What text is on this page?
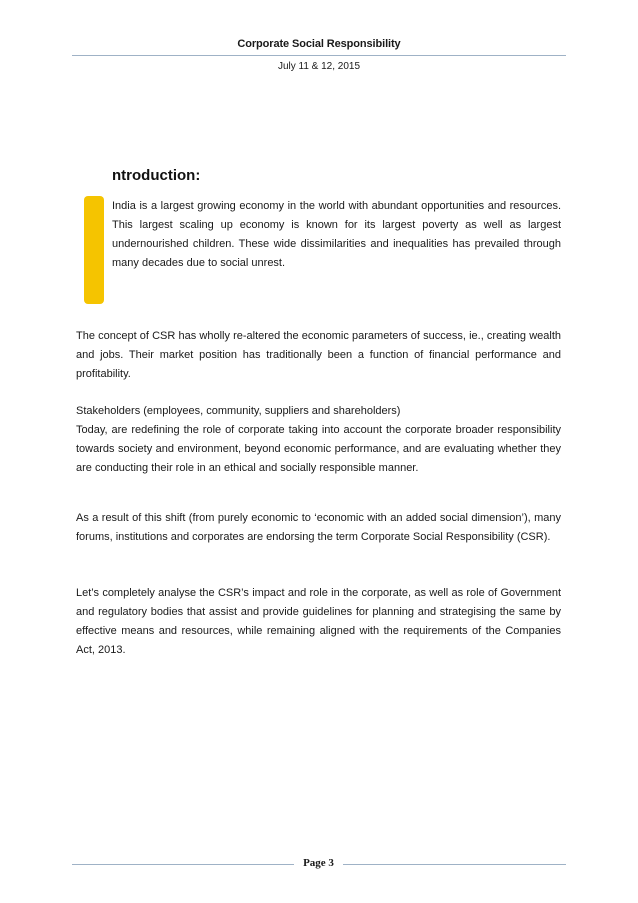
Corporate Social Responsibility
July 11 & 12, 2015
ntroduction:

India is a largest growing economy in the world with abundant opportunities and resources. This largest scaling up economy is known for its largest poverty as well as largest undernourished children. These wide dissimilarities and inequalities has prevailed through many decades due to social unrest.

The concept of CSR has wholly re-altered the economic parameters of success, ie., creating wealth and jobs. Their market position has traditionally been a function of financial performance and profitability.

Stakeholders (employees, community, suppliers and shareholders)
Today, are redefining the role of corporate taking into account the corporate broader responsibility towards society and environment, beyond economic performance, and are evaluating whether they are conducting their role in an ethical and socially responsible manner.

As a result of this shift (from purely economic to ‘economic with an added social dimension’), many forums, institutions and corporates are endorsing the term Corporate Social Responsibility (CSR).

Let’s completely analyse the CSR’s impact and role in the corporate, as well as role of Government and regulatory bodies that assist and provide guidelines for planning and strategising the same by effective means and resources, while remaining aligned with the requirements of the Companies Act, 2013.

Page 3
